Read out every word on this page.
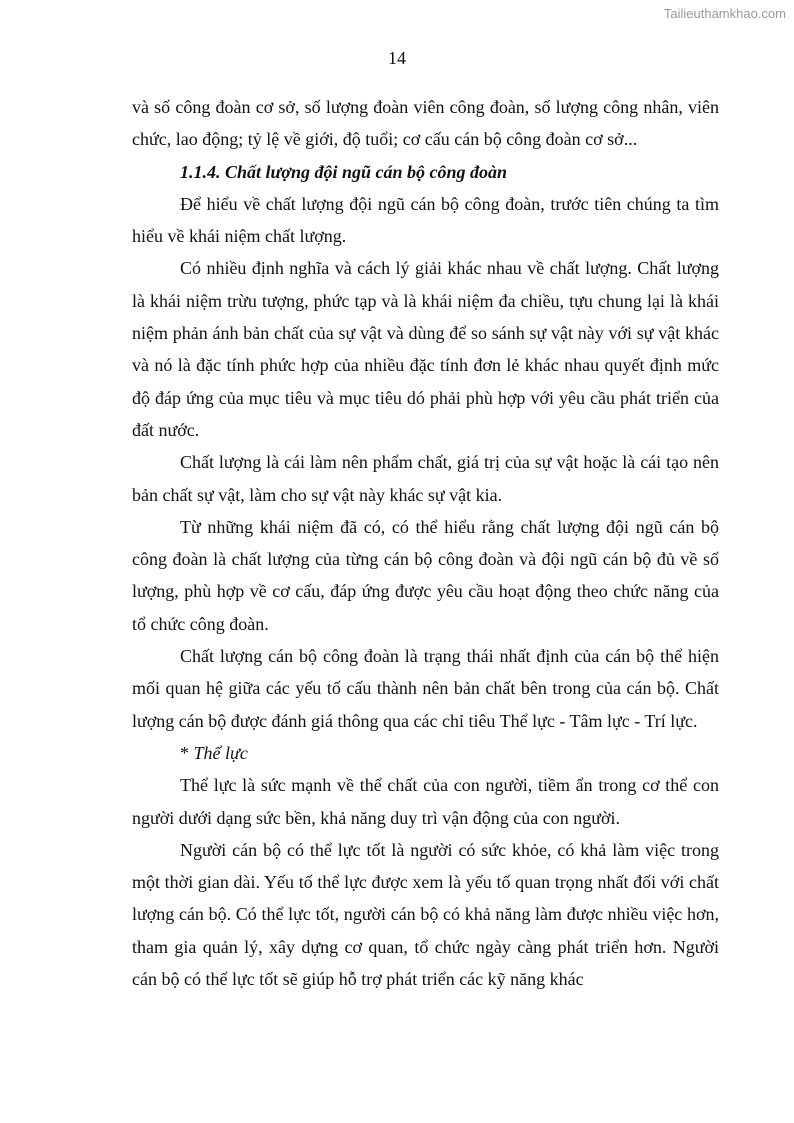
Tailieuthamkhao.com
14

và số công đoàn cơ sở, số lượng đoàn viên công đoàn, số lượng công nhân, viên chức, lao động; tỷ lệ về giới, độ tuổi; cơ cấu cán bộ công đoàn cơ sở...

1.1.4. Chất lượng đội ngũ cán bộ công đoàn

Để hiểu về chất lượng đội ngũ cán bộ công đoàn, trước tiên chúng ta tìm hiểu về khái niệm chất lượng.

Có nhiều định nghĩa và cách lý giải khác nhau về chất lượng. Chất lượng là khái niệm trừu tượng, phức tạp và là khái niệm đa chiều, tựu chung lại là khái niệm phản ánh bản chất của sự vật và dùng để so sánh sự vật này với sự vật khác và nó là đặc tính phức hợp của nhiều đặc tính đơn lẻ khác nhau quyết định mức độ đáp ứng của mục tiêu và mục tiêu dó phải phù hợp với yêu cầu phát triển của đất nước.

Chất lượng là cái làm nên phẩm chất, giá trị của sự vật hoặc là cái tạo nên bản chất sự vật, làm cho sự vật này khác sự vật kia.

Từ những khái niệm đã có, có thể hiểu rằng chất lượng đội ngũ cán bộ công đoàn là chất lượng của từng cán bộ công đoàn và đội ngũ cán bộ đủ về số lượng, phù hợp về cơ cấu, đáp ứng được yêu cầu hoạt động theo chức năng của tổ chức công đoàn.

Chất lượng cán bộ công đoàn là trạng thái nhất định của cán bộ thể hiện mối quan hệ giữa các yếu tố cấu thành nên bản chất bên trong của cán bộ. Chất lượng cán bộ được đánh giá thông qua các chỉ tiêu Thể lực - Tâm lực - Trí lực.

* Thể lực

Thể lực là sức mạnh về thể chất của con người, tiềm ẩn trong cơ thể con người dưới dạng sức bền, khả năng duy trì vận động của con người.

Người cán bộ có thể lực tốt là người có sức khỏe, có khả làm việc trong một thời gian dài. Yếu tố thể lực được xem là yếu tố quan trọng nhất đối với chất lượng cán bộ. Có thể lực tốt, người cán bộ có khả năng làm được nhiều việc hơn, tham gia quản lý, xây dựng cơ quan, tổ chức ngày càng phát triển hơn. Người cán bộ có thể lực tốt sẽ giúp hỗ trợ phát triển các kỹ năng khác
